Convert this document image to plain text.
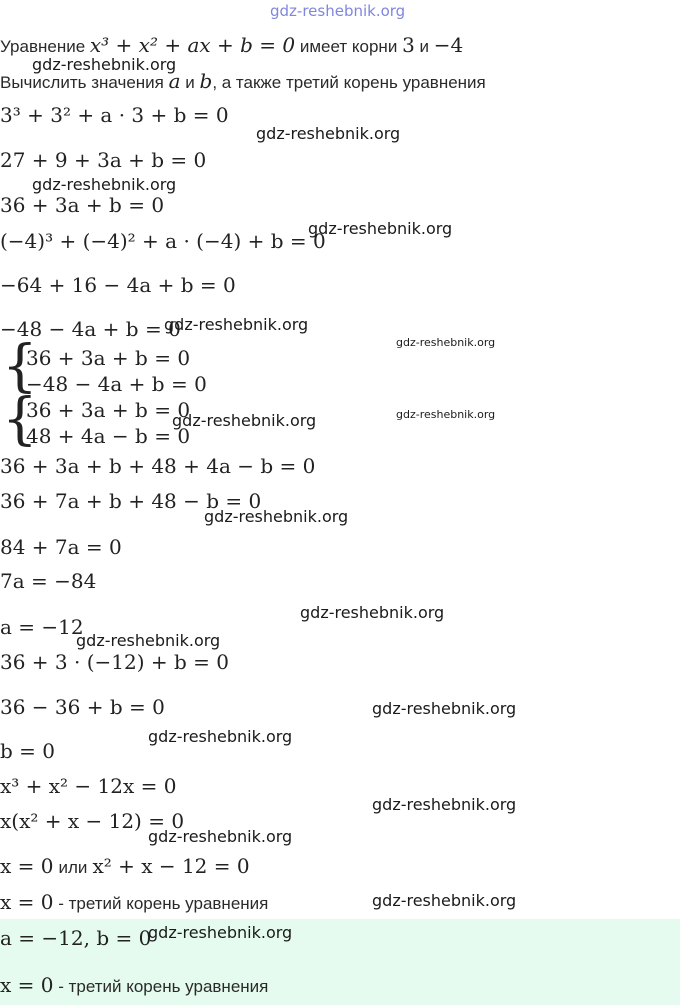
gdz-reshebnik.org
Уравнение x³ + x² + ax + b = 0 имеет корни 3 и −4
Вычислить значения a и b, а также третий корень уравнения
3³ + 3² + a · 3 + b = 0
27 + 9 + 3a + b = 0
36 + 3a + b = 0
(−4)³ + (−4)² + a · (−4) + b = 0
−64 + 16 − 4a + b = 0
−48 − 4a + b = 0
{
36 + 3a + b = 0
−48 − 4a + b = 0
{
36 + 3a + b = 0
48 + 4a − b = 0
36 + 3a + b + 48 + 4a − b = 0
36 + 7a + b + 48 − b = 0
84 + 7a = 0
7a = −84
a = −12
36 + 3 · (−12) + b = 0
36 − 36 + b = 0
b = 0
x³ + x² − 12x = 0
x(x² + x − 12) = 0
x = 0 или x² + x − 12 = 0
x = 0 - третий корень уравнения
a = −12, b = 0
x = 0 - третий корень уравнения
gdz-reshebnik.org
gdz-reshebnik.org
gdz-reshebnik.org
gdz-reshebnik.org
gdz-reshebnik.org
gdz-reshebnik.org
gdz-reshebnik.org	gdz-reshebnik.org
gdz-reshebnik.org
gdz-reshebnik.org
gdz-reshebnik.org
gdz-reshebnik.org
gdz-reshebnik.org
gdz-reshebnik.org
gdz-reshebnik.org
gdz-reshebnik.org
gdz-reshebnik.org
